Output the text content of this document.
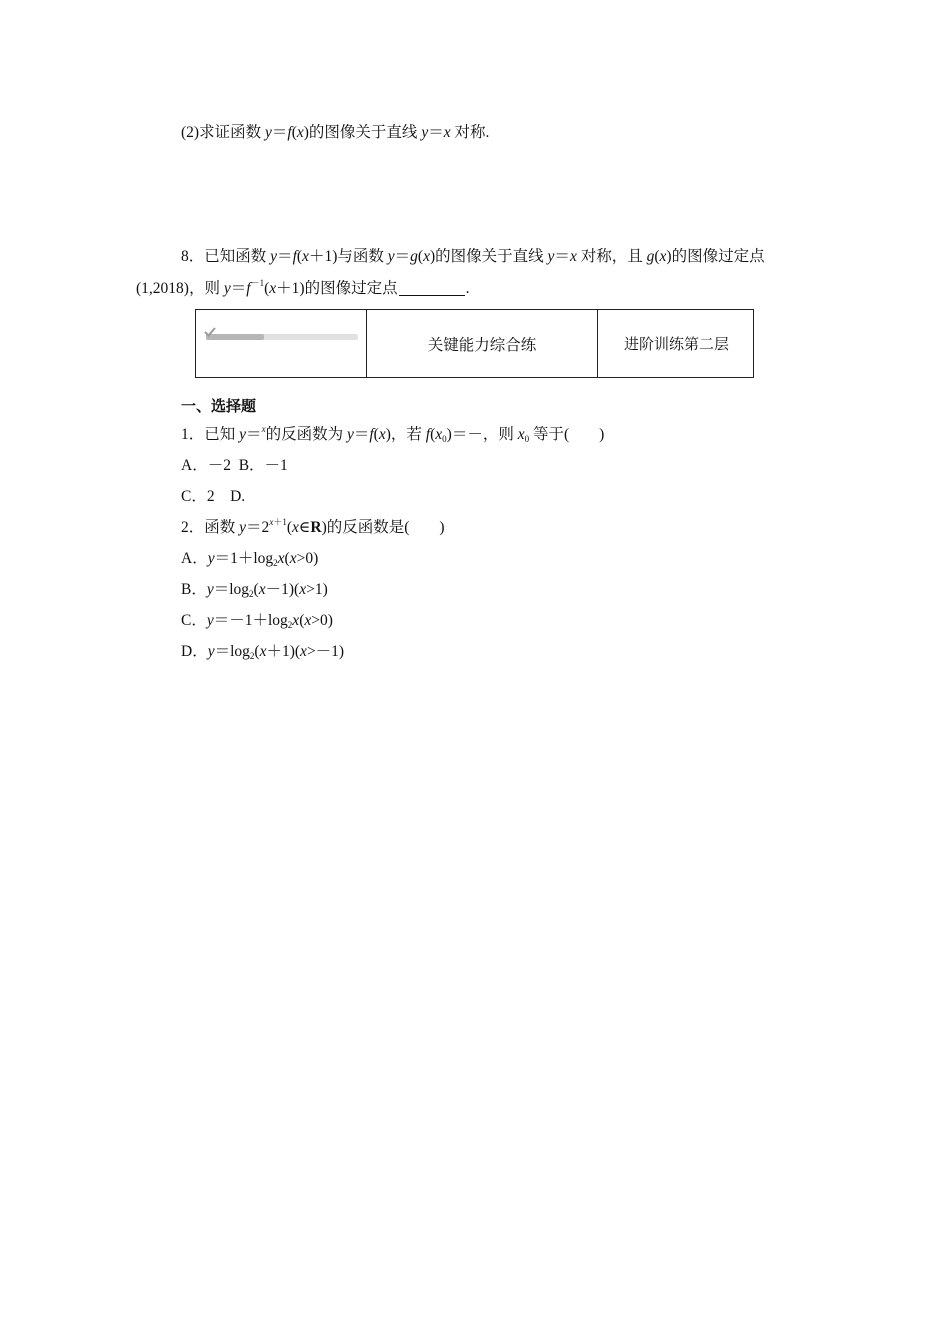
(2)求证函数 y＝f(x)的图像关于直线 y＝x 对称.
8．已知函数 y＝f(x＋1)与函数 y＝g(x)的图像关于直线 y＝x 对称，且 g(x)的图像过定点
(1,2018)，则 $y=f^{-1}(x+1)$的图像过定点	.
关键能力综合练	进阶训练第二层
一、选择题
1．已知 y＝$^x$的反函数为 y＝f(x)，若 $f(x_0)=-$，则 $x_0$ 等于( )
A．－2  B．－1
C．2    D.
2．函数 $y=2^{x+1}(x\in R)$的反函数是( )
A．$y=1+\log_2x(x>0)$
B．$y=\log_2(x-1)(x>1)$
C．$y=-1+\log_2x(x>0)$
D．$y=\log_2(x+1)(x>-1)$
